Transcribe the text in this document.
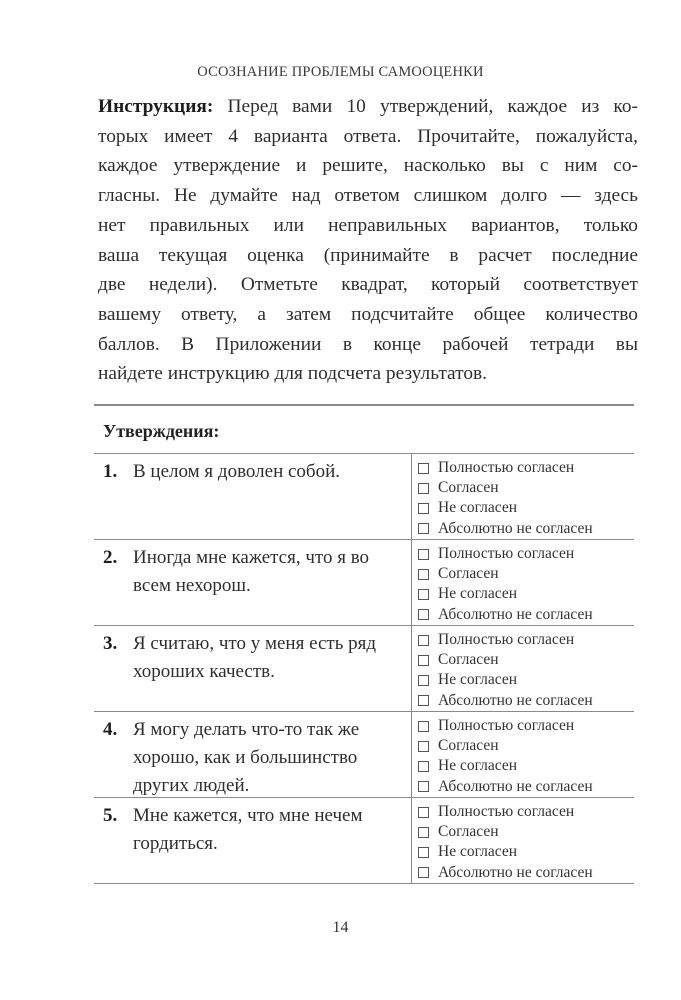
ОСОЗНАНИЕ ПРОБЛЕМЫ САМООЦЕНКИ
Инструкция: Перед вами 10 утверждений, каждое из ко-
торых имеет 4 варианта ответа. Прочитайте, пожалуйста,
каждое утверждение и решите, насколько вы с ним со-
гласны. Не думайте над ответом слишком долго — здесь
нет правильных или неправильных вариантов, только
ваша текущая оценка (принимайте в расчет последние
две недели). Отметьте квадрат, который соответствует
вашему ответу, а затем подсчитайте общее количество
баллов. В Приложении в конце рабочей тетради вы
найдете инструкцию для подсчета результатов.
Утверждения:
1. В целом я доволен собой.	Полностью согласен
Согласен
Не согласен
Абсолютно не согласен
2. Иногда мне кажется, что я во всем нехорош.
Полностью согласен
Согласен
Не согласен
Абсолютно не согласен
3. Я считаю, что у меня есть ряд хороших качеств.
Полностью согласен
Согласен
Не согласен
Абсолютно не согласен
4. Я могу делать что-то так же хорошо, как и большинство других людей.
Полностью согласен
Согласен
Не согласен
Абсолютно не согласен
5. Мне кажется, что мне нечем гордиться.
Полностью согласен
Согласен
Не согласен
Абсолютно не согласен
14
